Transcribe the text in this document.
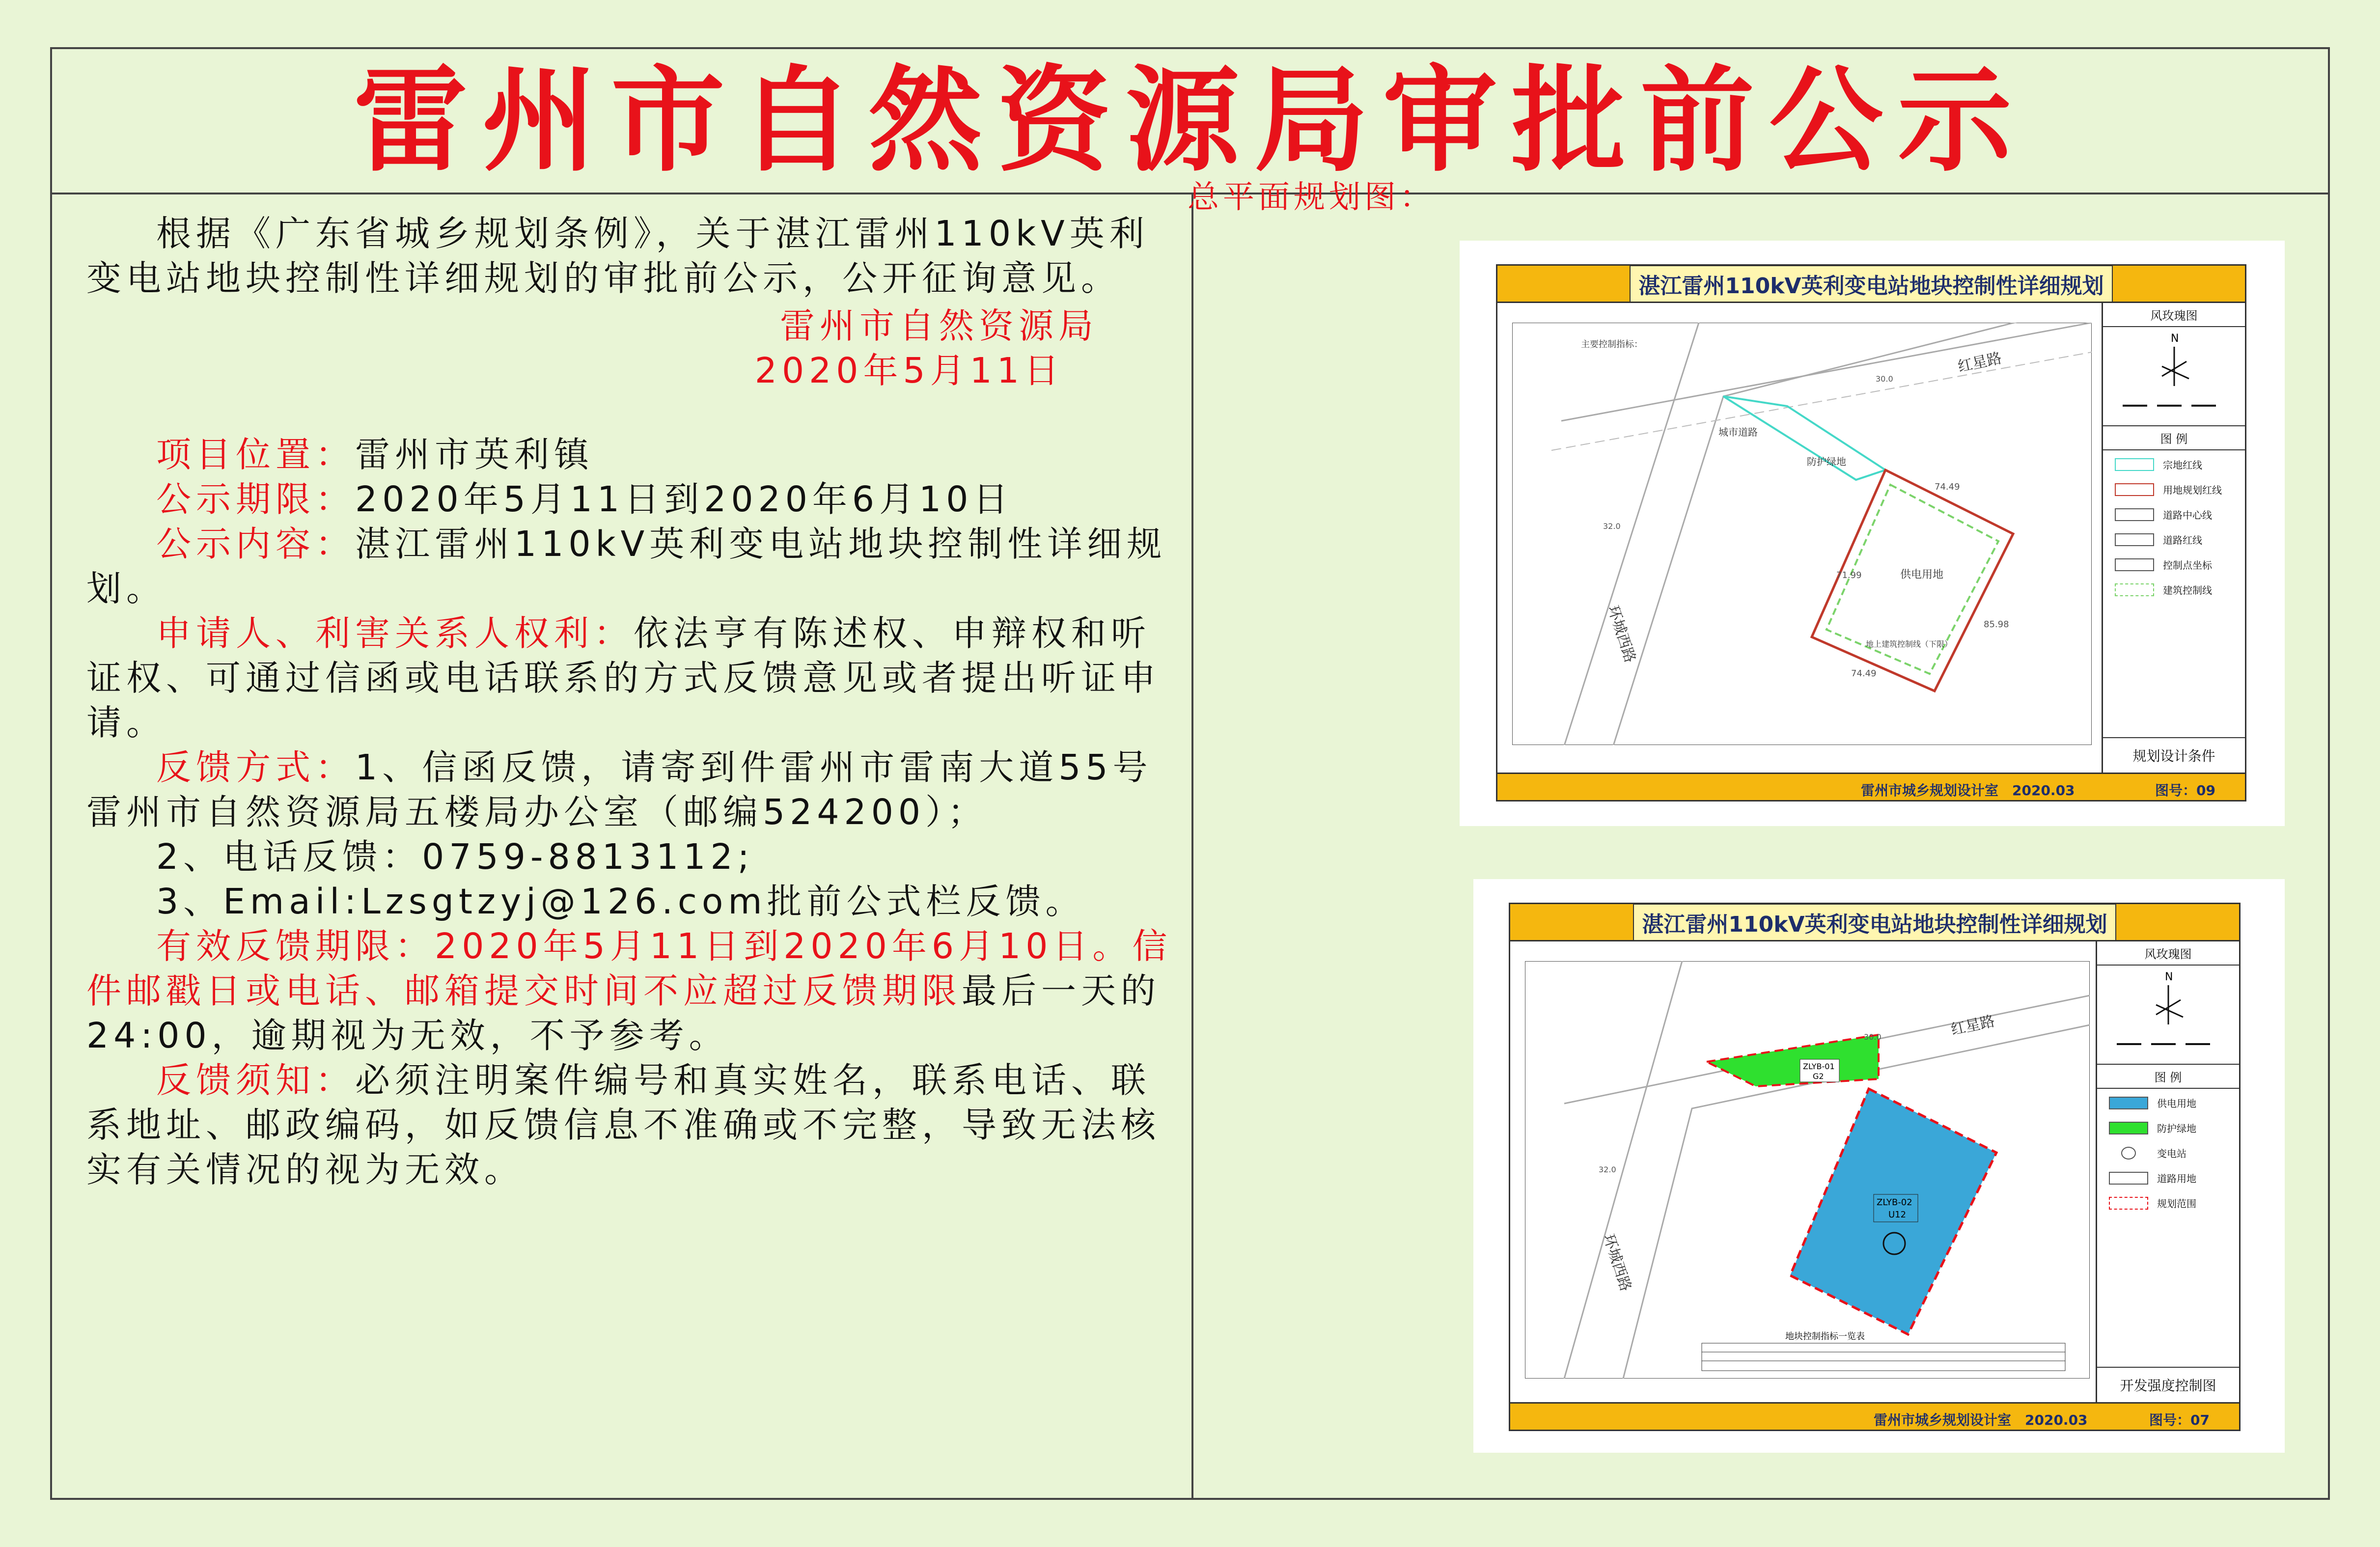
雷州市自然资源局审批前公示

根据《广东省城乡规划条例》，关于湛江雷州110kV英利变电站地块控制性详细规划的审批前公示，公开征询意见。

雷州市自然资源局

2020年5月11日

项目位置：雷州市英利镇

公示期限：2020年5月11日到2020年6月10日

公示内容：湛江雷州110kV英利变电站地块控制性详细规划。

申请人、利害关系人权利：依法亨有陈述权、申辩权和听证权、可通过信函或电话联系的方式反馈意见或者提出听证申请。

反馈方式：1、信函反馈，请寄到件雷州市雷南大道55号雷州市自然资源局五楼局办公室（邮编524200）；

2、电话反馈：0759-8813112;

3、Email:Lzsgtzyj@126.com批前公式栏反馈。

有效反馈期限：2020年5月11日到2020年6月10日。信件邮戳日或电话、邮箱提交时间不应超过反馈期限最后一天的24:00，逾期视为无效，不予参考。

反馈须知：必须注明案件编号和真实姓名，联系电话、联系地址、邮政编码，如反馈信息不准确或不完整，导致无法核实有关情况的视为无效。

总平面规划图：
湛江雷州110kV英利变电站地块控制性详细规划
主要控制指标：
红星路
环城西路
城市道路
防护绿地
供电用地
地上建筑控制线（下限）
74.49
71.99
85.98
74.49
30.0
32.0
风玫瑰图
N
图 例
宗地红线
用地规划红线
道路中心线
道路红线
控制点坐标
建筑控制线
规划设计条件
雷州市城乡规划设计室　2020.03	图号：09
湛江雷州110kV英利变电站地块控制性详细规划
ZLYB-01
G2
ZLYB-02
U12
红星路
环城西路
30.0
32.0
地块控制指标一览表
风玫瑰图
N
图 例
供电用地
防护绿地
变电站
道路用地
规划范围
开发强度控制图
雷州市城乡规划设计室　2020.03	图号：07
